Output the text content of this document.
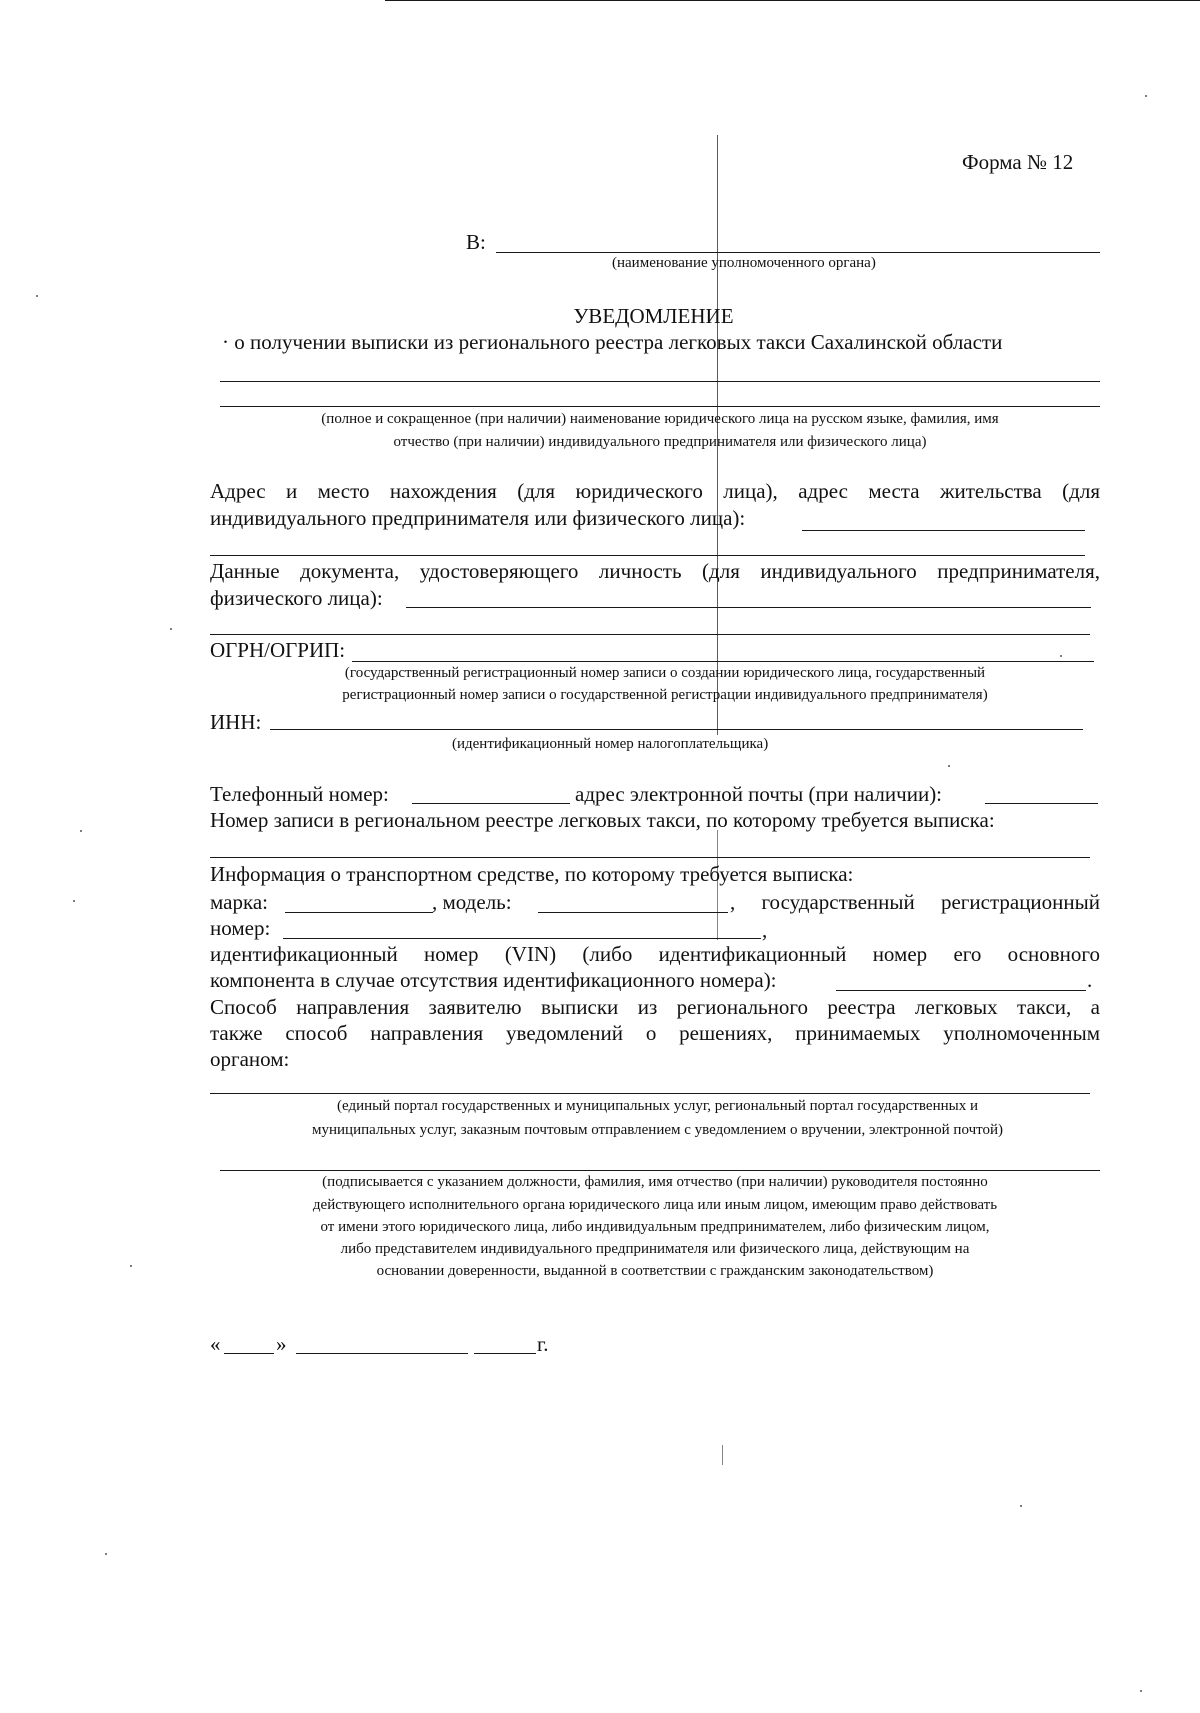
Форма № 12
В:
(наименование уполномоченного органа)
УВЕДОМЛЕНИЕ
· о получении выписки из регионального реестра легковых такси Сахалинской области
(полное и сокращенное (при наличии) наименование юридического лица на русском языке, фамилия, имя
отчество (при наличии) индивидуального предпринимателя или физического лица)
Адрес и место нахождения (для юридического лица), адрес места жительства (для
индивидуального предпринимателя или физического лица):
Данные документа, удостоверяющего личность (для индивидуального предпринимателя,
физического лица):
ОГРН/ОГРИП:
(государственный регистрационный номер записи о создании юридического лица, государственный
регистрационный номер записи о государственной регистрации индивидуального предпринимателя)
ИНН:
(идентификационный номер налогоплательщика)
Телефонный номер:	адрес электронной почты (при наличии):
Номер записи в региональном реестре легковых такси, по которому требуется выписка:
Информация о транспортном средстве, по которому требуется выписка:
марка:	, модель:	, государственный регистрационный
номер:	,
идентификационный номер (VIN) (либо идентификационный номер его основного
компонента в случае отсутствия идентификационного номера):	.
Способ направления заявителю выписки из регионального реестра легковых такси, а
также способ направления уведомлений о решениях, принимаемых уполномоченным
органом:
(единый портал государственных и муниципальных услуг, региональный портал государственных и
муниципальных услуг, заказным почтовым отправлением с уведомлением о вручении, электронной почтой)
(подписывается с указанием должности, фамилия, имя отчество (при наличии) руководителя постоянно
действующего исполнительного органа юридического лица или иным лицом, имеющим право действовать
от имени этого юридического лица, либо индивидуальным предпринимателем, либо физическим лицом,
либо представителем индивидуального предпринимателя или физического лица, действующим на
основании доверенности, выданной в соответствии с гражданским законодательством)
«	»	г.
